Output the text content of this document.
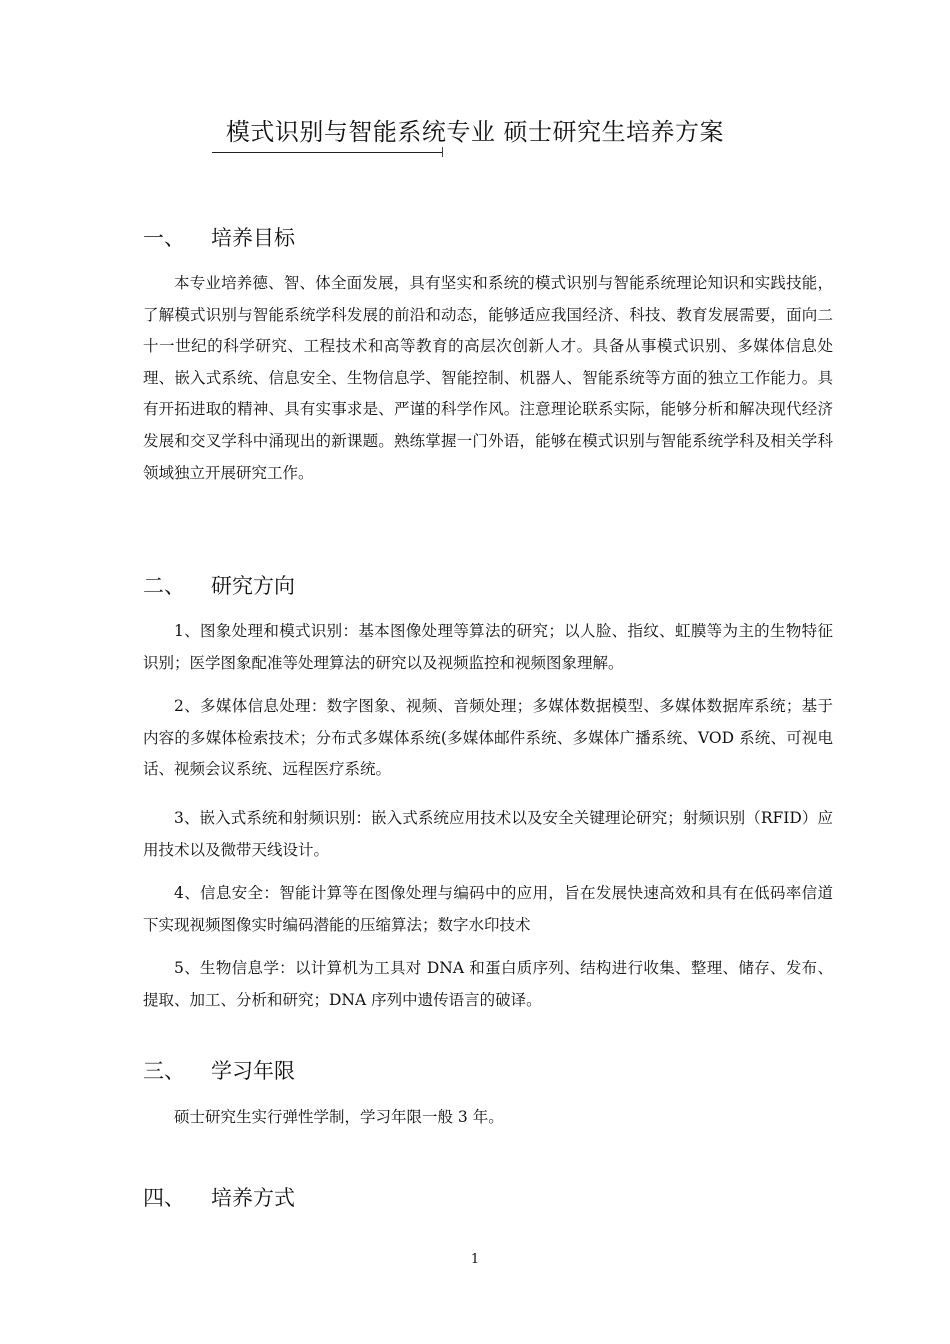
模式识别与智能系统专业 硕士研究生培养方案
一、 培养目标

本专业培养德、智、体全面发展，具有坚实和系统的模式识别与智能系统理论知识和实践技能，了解模式识别与智能系统学科发展的前沿和动态，能够适应我国经济、科技、教育发展需要，面向二十一世纪的科学研究、工程技术和高等教育的高层次创新人才。具备从事模式识别、多媒体信息处理、嵌入式系统、信息安全、生物信息学、智能控制、机器人、智能系统等方面的独立工作能力。具有开拓进取的精神、具有实事求是、严谨的科学作风。注意理论联系实际，能够分析和解决现代经济发展和交叉学科中涌现出的新课题。熟练掌握一门外语，能够在模式识别与智能系统学科及相关学科领域独立开展研究工作。

二、 研究方向

1、图象处理和模式识别：基本图像处理等算法的研究；以人脸、指纹、虹膜等为主的生物特征识别；医学图象配准等处理算法的研究以及视频监控和视频图象理解。

2、多媒体信息处理：数字图象、视频、音频处理；多媒体数据模型、多媒体数据库系统；基于内容的多媒体检索技术；分布式多媒体系统(多媒体邮件系统、多媒体广播系统、VOD 系统、可视电话、视频会议系统、远程医疗系统。

3、嵌入式系统和射频识别：嵌入式系统应用技术以及安全关键理论研究；射频识别（RFID）应用技术以及微带天线设计。

4、信息安全：智能计算等在图像处理与编码中的应用，旨在发展快速高效和具有在低码率信道下实现视频图像实时编码潜能的压缩算法；数字水印技术

5、生物信息学：以计算机为工具对 DNA 和蛋白质序列、结构进行收集、整理、储存、发布、提取、加工、分析和研究；DNA 序列中遗传语言的破译。

三、 学习年限

硕士研究生实行弹性学制，学习年限一般 3 年。

四、 培养方式
1
